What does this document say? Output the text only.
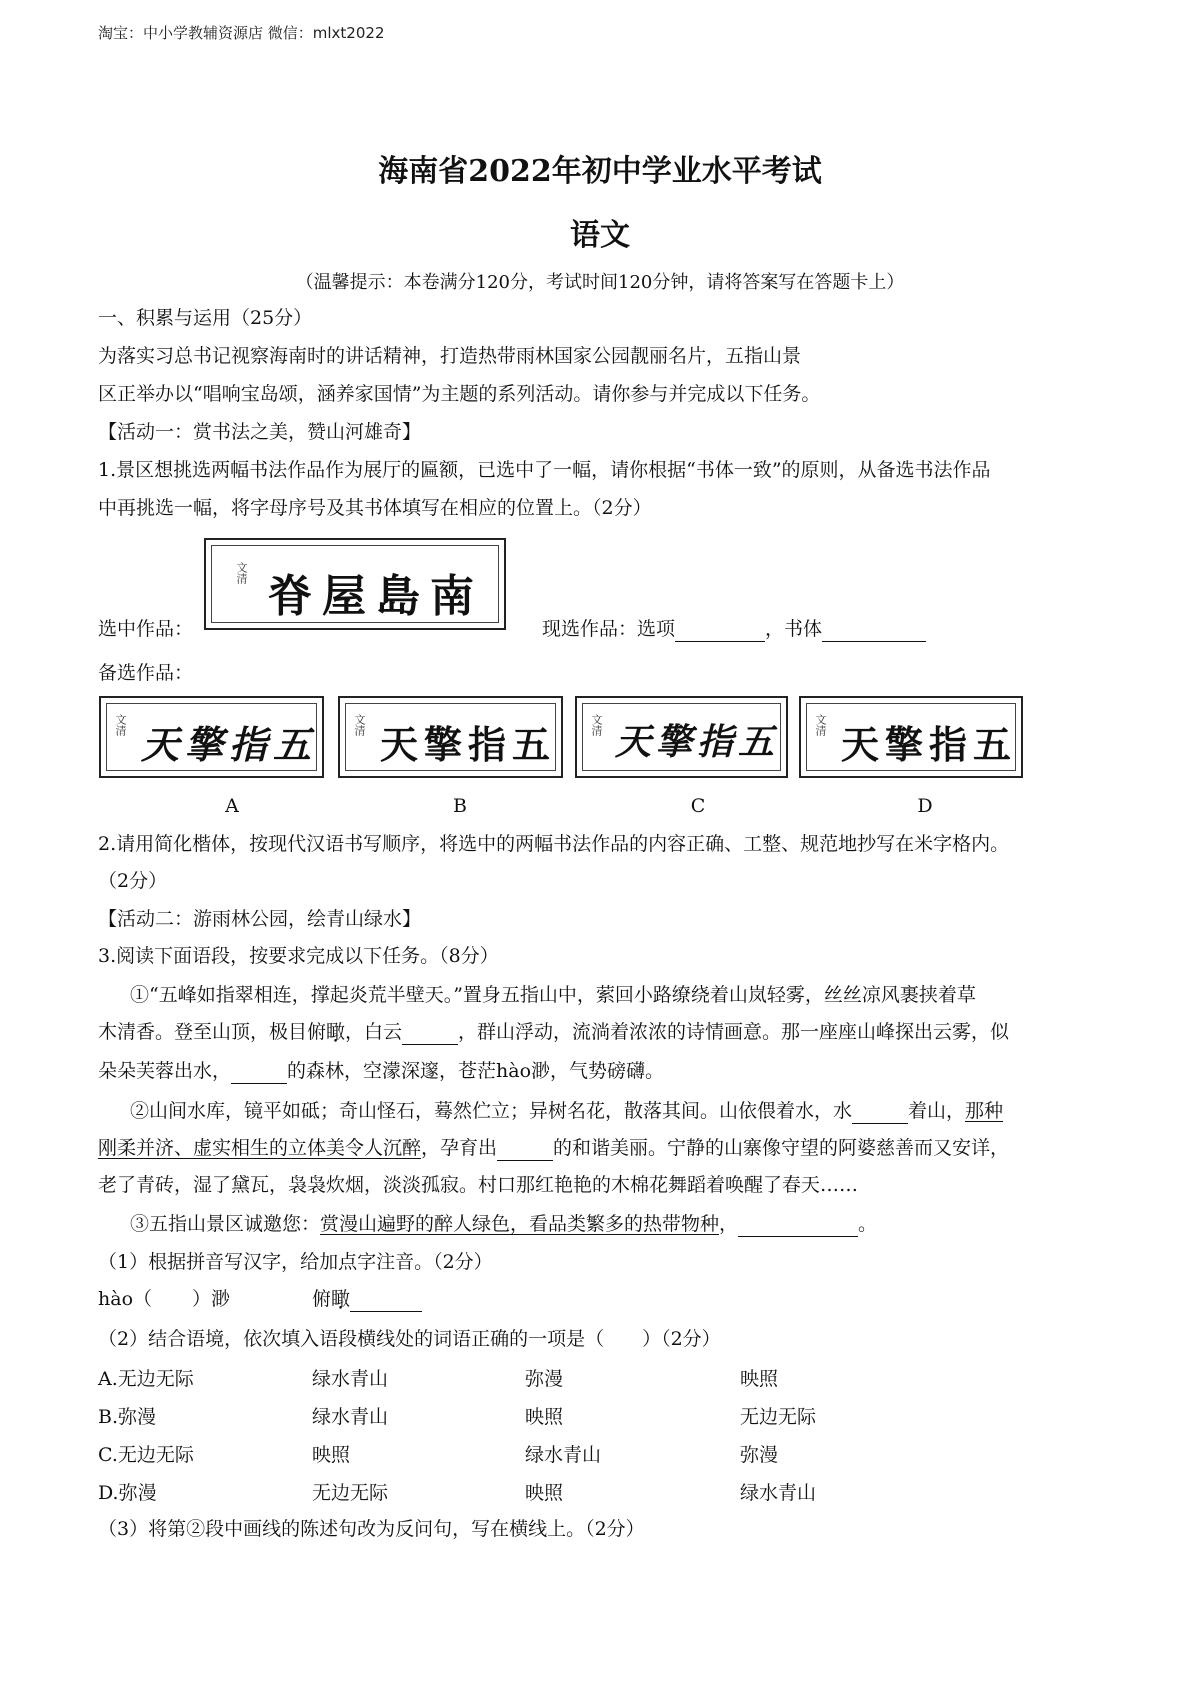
淘宝：中小学教辅资源店 微信：mlxt2022
海南省2022年初中学业水平考试
语文
（温馨提示：本卷满分120分，考试时间120分钟，请将答案写在答题卡上）
一、积累与运用（25分）
为落实习总书记视察海南时的讲话精神，打造热带雨林国家公园靓丽名片，五指山景
区正举办以“唱响宝岛颂，涵养家国情”为主题的系列活动。请你参与并完成以下任务。
【活动一：赏书法之美，赞山河雄奇】
1.景区想挑选两幅书法作品作为展厅的匾额，已选中了一幅，请你根据“书体一致”的原则，从备选书法作品
中再挑选一幅，将字母序号及其书体填写在相应的位置上。（2分）
选中作品：
文清 脊屋島南
现选作品：选项	，书体
备选作品：
文清 天擎指五	文清 天擎指五	文清 天擎指五	文清 天擎指五
A	B	C	D
2.请用简化楷体，按现代汉语书写顺序，将选中的两幅书法作品的内容正确、工整、规范地抄写在米字格内。
（2分）
【活动二：游雨林公园，绘青山绿水】
3.阅读下面语段，按要求完成以下任务。（8分）
①“五峰如指翠相连，撑起炎荒半壁天。”置身五指山中，萦回小路缭绕着山岚轻雾，丝丝凉风裹挟着草
木清香。登至山顶，极目俯瞰，白云	，群山浮动，流淌着浓浓的诗情画意。那一座座山峰探出云雾，似
朵朵芙蓉出水，	的森林，空濛深邃，苍茫hào渺，气势磅礴。
②山间水库，镜平如砥；奇山怪石，蓦然伫立；异树名花，散落其间。山依偎着水，水	着山，那种
刚柔并济、虚实相生的立体美令人沉醉，孕育出	的和谐美丽。宁静的山寨像守望的阿婆慈善而又安详，
老了青砖，湿了黛瓦，袅袅炊烟，淡淡孤寂。村口那红艳艳的木棉花舞蹈着唤醒了春天……
③五指山景区诚邀您：赏漫山遍野的醉人绿色，看品类繁多的热带物种，	。
（1）根据拼音写汉字，给加点字注音。（2分）
hào（ ）渺	俯瞰
（2）结合语境，依次填入语段横线处的词语正确的一项是（　　）（2分）
A.无边无际	绿水青山	弥漫	映照
B.弥漫	绿水青山	映照	无边无际
C.无边无际	映照	绿水青山	弥漫
D.弥漫	无边无际	映照	绿水青山
（3）将第②段中画线的陈述句改为反问句，写在横线上。（2分）
